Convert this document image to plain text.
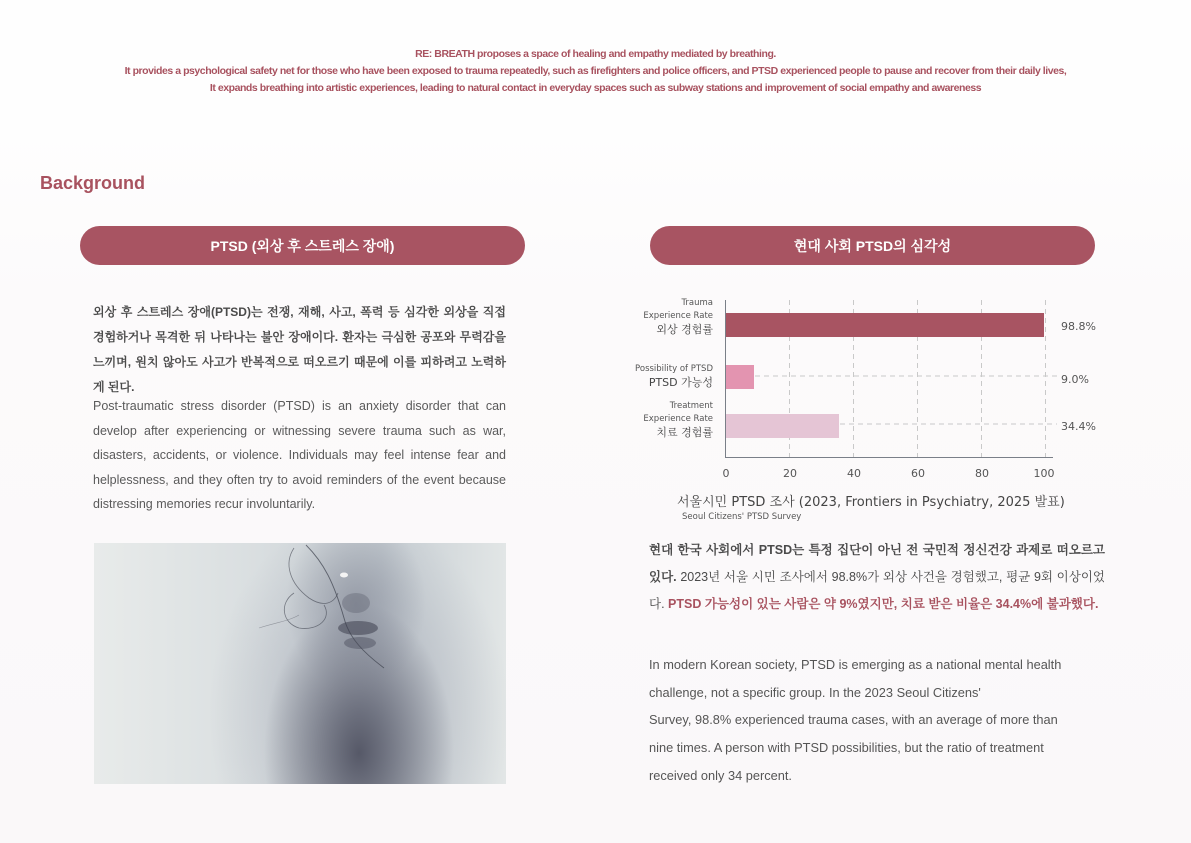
RE: BREATH proposes a space of healing and empathy mediated by breathing.
It provides a psychological safety net for those who have been exposed to trauma repeatedly, such as firefighters and police officers, and PTSD experienced people to pause and recover from their daily lives,
It expands breathing into artistic experiences, leading to natural contact in everyday spaces such as subway stations and improvement of social empathy and awareness
Background
PTSD (외상 후 스트레스 장애)	현대 사회 PTSD의 심각성
외상 후 스트레스 장애(PTSD)는 전쟁, 재해, 사고, 폭력 등 심각한 외상을 직접 경험하거나 목격한 뒤 나타나는 불안 장애이다. 환자는 극심한 공포와 무력감을 느끼며, 원치 않아도 사고가 반복적으로 떠오르기 때문에 이를 피하려고 노력하게 된다.
Post-traumatic stress disorder (PTSD) is an anxiety disorder that can develop after experiencing or witnessing severe trauma such as war, disasters, accidents, or violence. Individuals may feel intense fear and helplessness, and they often try to avoid reminders of the event because distressing memories recur involuntarily.
Trauma
Experience Rate
외상 경험률
Possibility of PTSD
PTSD 가능성
Treatment
Experience Rate
치료 경험률
98.8%
9.0%
34.4%
0	20	40	60	80	100
서울시민 PTSD 조사 (2023, Frontiers in Psychiatry, 2025 발표)
Seoul Citizens' PTSD Survey
현대 한국 사회에서 PTSD는 특정 집단이 아닌 전 국민적 정신건강 과제로 떠오르고 있다. 2023년 서울 시민 조사에서 98.8%가 외상 사건을 경험했고, 평균 9회 이상이었다. PTSD 가능성이 있는 사람은 약 9%였지만, 치료 받은 비율은 34.4%에 불과했다.
In modern Korean society, PTSD is emerging as a national mental health
challenge, not a specific group. In the 2023 Seoul Citizens'
Survey, 98.8% experienced trauma cases, with an average of more than
nine times. A person with PTSD possibilities, but the ratio of treatment
received only 34 percent.
